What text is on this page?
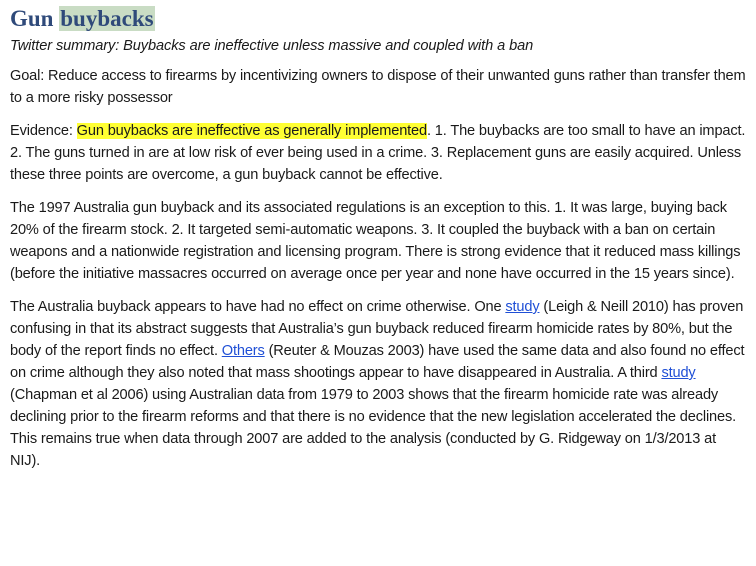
Gun buybacks
Twitter summary: Buybacks are ineffective unless massive and coupled with a ban

Goal: Reduce access to firearms by incentivizing owners to dispose of their unwanted guns rather than transfer them to a more risky possessor

Evidence: Gun buybacks are ineffective as generally implemented. 1. The buybacks are too small to have an impact. 2. The guns turned in are at low risk of ever being used in a crime. 3. Replacement guns are easily acquired. Unless these three points are overcome, a gun buyback cannot be effective.

The 1997 Australia gun buyback and its associated regulations is an exception to this. 1. It was large, buying back 20% of the firearm stock. 2. It targeted semi-automatic weapons. 3. It coupled the buyback with a ban on certain weapons and a nationwide registration and licensing program. There is strong evidence that it reduced mass killings (before the initiative massacres occurred on average once per year and none have occurred in the 15 years since).

The Australia buyback appears to have had no effect on crime otherwise. One study (Leigh & Neill 2010) has proven confusing in that its abstract suggests that Australia’s gun buyback reduced firearm homicide rates by 80%, but the body of the report finds no effect. Others (Reuter & Mouzas 2003) have used the same data and also found no effect on crime although they also noted that mass shootings appear to have disappeared in Australia. A third study (Chapman et al 2006) using Australian data from 1979 to 2003 shows that the firearm homicide rate was already declining prior to the firearm reforms and that there is no evidence that the new legislation accelerated the declines. This remains true when data through 2007 are added to the analysis (conducted by G. Ridgeway on 1/3/2013 at NIJ).
